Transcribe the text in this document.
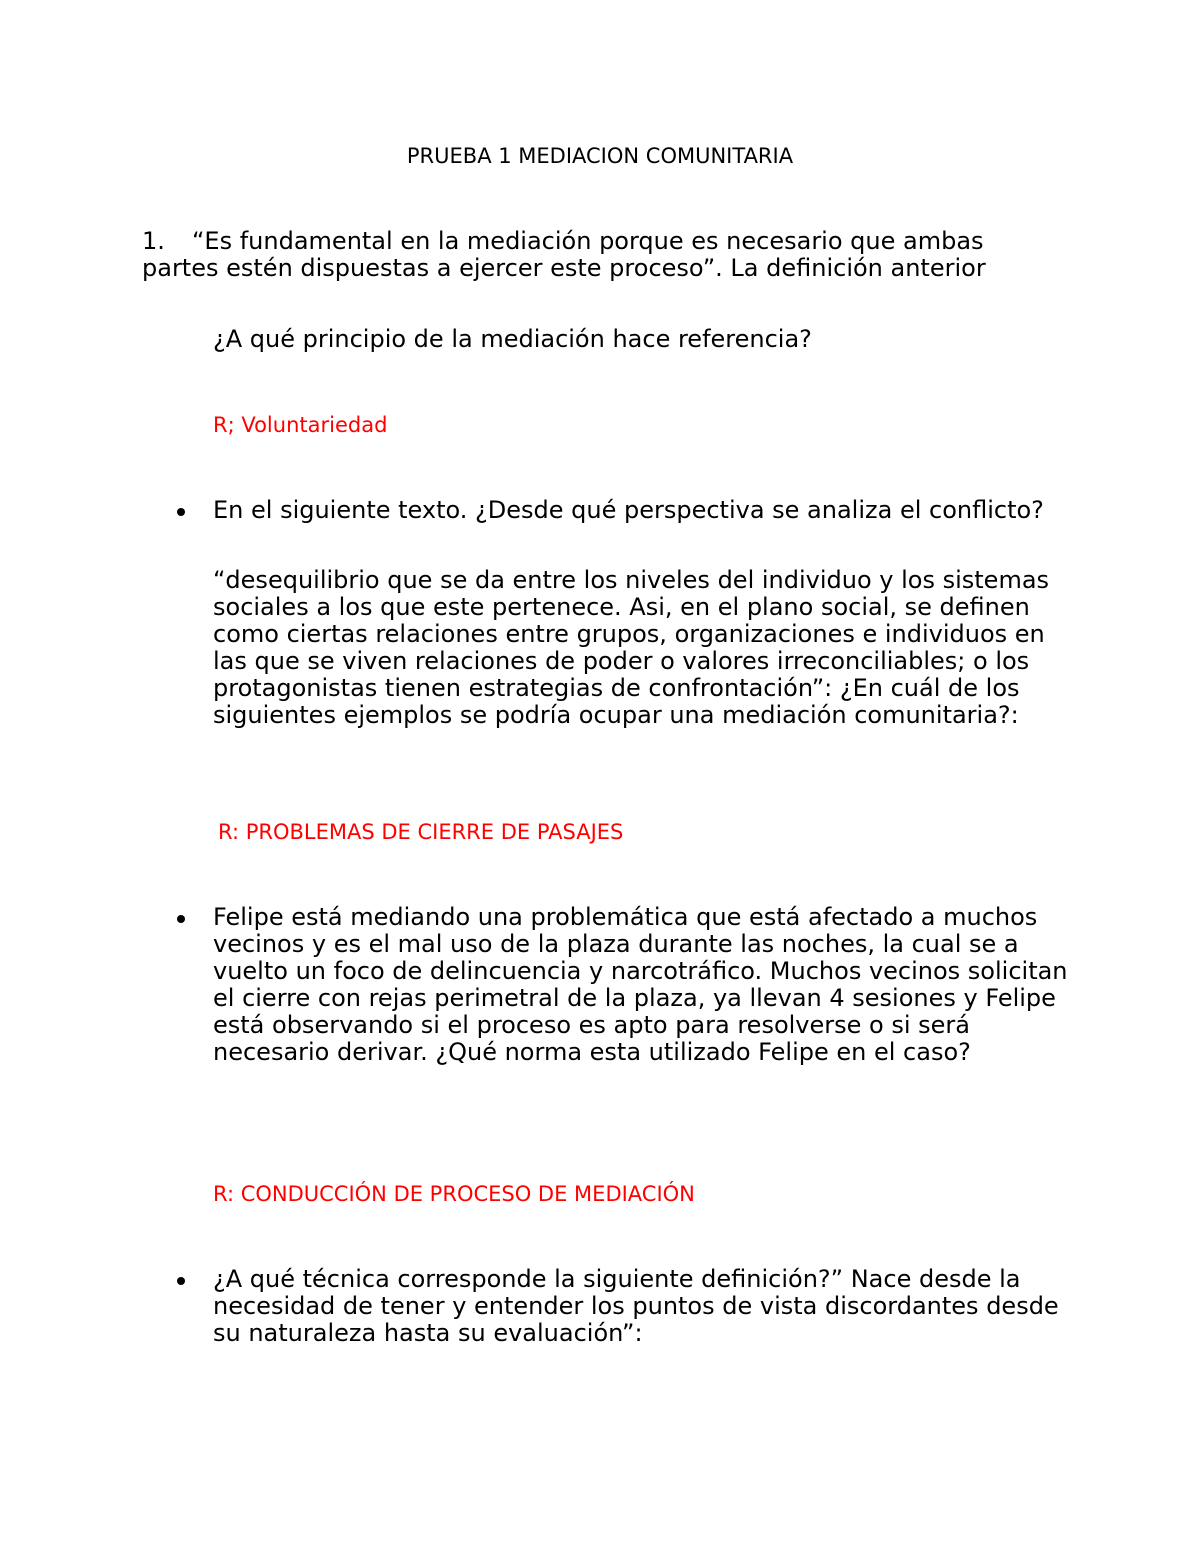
PRUEBA 1 MEDIACION COMUNITARIA
1. “Es fundamental en la mediación porque es necesario que ambas partes estén dispuestas a ejercer este proceso”. La definición anterior
¿A qué principio de la mediación hace referencia?
R; Voluntariedad
En el siguiente texto. ¿Desde qué perspectiva se analiza el conflicto?
“desequilibrio que se da entre los niveles del individuo y los sistemas sociales a los que este pertenece. Asi, en el plano social, se definen como ciertas relaciones entre grupos, organizaciones e individuos en las que se viven relaciones de poder o valores irreconciliables; o los protagonistas tienen estrategias de confrontación”: ¿En cuál de los siguientes ejemplos se podría ocupar una mediación comunitaria?:
R: PROBLEMAS DE CIERRE DE PASAJES
Felipe está mediando una problemática que está afectado a muchos vecinos y es el mal uso de la plaza durante las noches, la cual se a vuelto un foco de delincuencia y narcotráfico. Muchos vecinos solicitan el cierre con rejas perimetral de la plaza, ya llevan 4 sesiones y Felipe está observando si el proceso es apto para resolverse o si será necesario derivar. ¿Qué norma esta utilizado Felipe en el caso?
R: CONDUCCIÓN DE PROCESO DE MEDIACIÓN
¿A qué técnica corresponde la siguiente definición?” Nace desde la necesidad de tener y entender los puntos de vista discordantes desde su naturaleza hasta su evaluación”:
